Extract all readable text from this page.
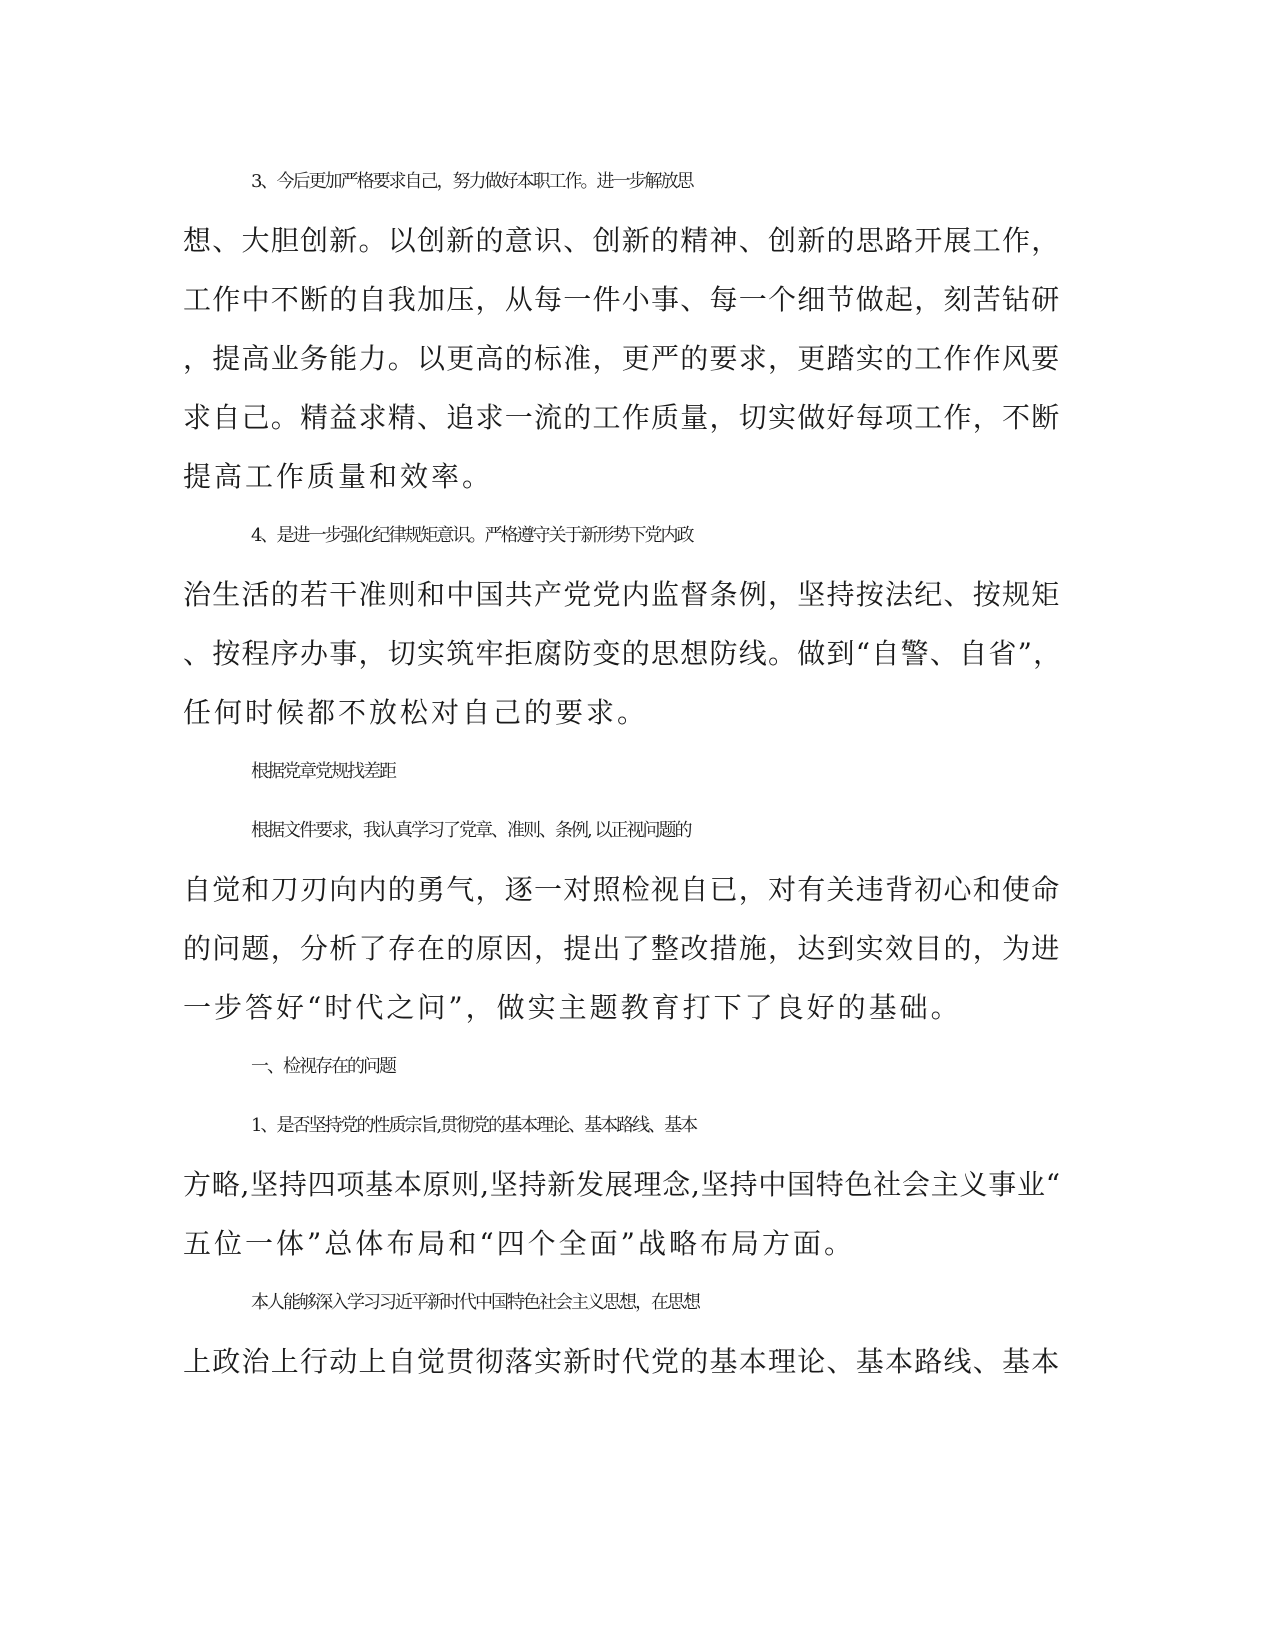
3、今后更加严格要求自己，努力做好本职工作。进一步解放思
想、大胆创新。以创新的意识、创新的精神、创新的思路开展工作，
工作中不断的自我加压，从每一件小事、每一个细节做起，刻苦钻研
，提高业务能力。以更高的标准，更严的要求，更踏实的工作作风要
求自己。精益求精、追求一流的工作质量，切实做好每项工作，不断
提高工作质量和效率。
4、是进一步强化纪律规矩意识。严格遵守关于新形势下党内政
治生活的若干准则和中国共产党党内监督条例，坚持按法纪、按规矩
、按程序办事，切实筑牢拒腐防变的思想防线。做到“自警、自省”，
任何时候都不放松对自己的要求。
根据党章党规找差距
根据文件要求，我认真学习了党章、准则、条例, 以正视问题的
自觉和刀刃向内的勇气，逐一对照检视自已，对有关违背初心和使命
的问题，分析了存在的原因，提出了整改措施，达到实效目的，为进
一步答好“时代之问”，做实主题教育打下了良好的基础。
一、检视存在的问题
1、是否坚持党的性质宗旨,贯彻党的基本理论、基本路线、基本
方略,坚持四项基本原则,坚持新发展理念,坚持中国特色社会主义事业“
五位一体”总体布局和“四个全面”战略布局方面。
本人能够深入学习习近平新时代中国特色社会主义思想，在思想
上政治上行动上自觉贯彻落实新时代党的基本理论、基本路线、基本
